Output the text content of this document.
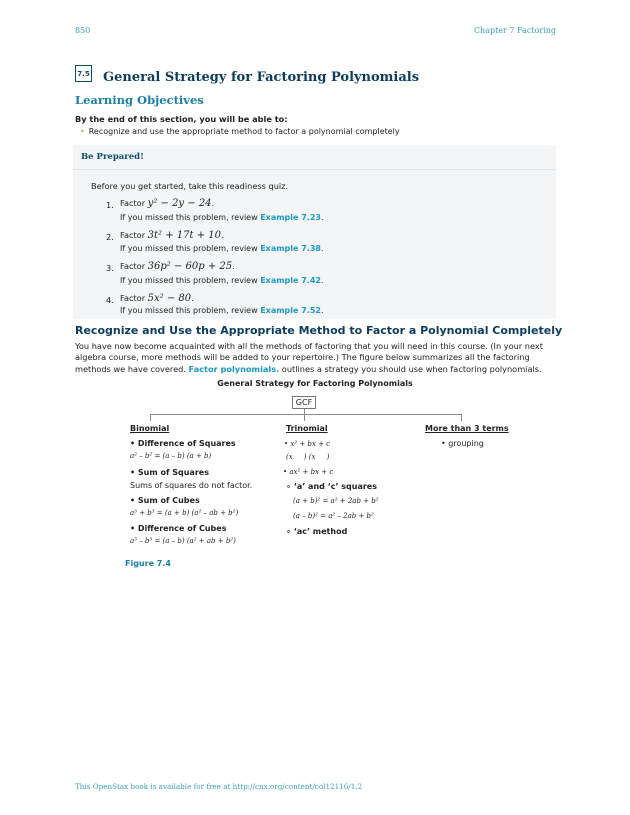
850	Chapter 7 Factoring
7.5 General Strategy for Factoring Polynomials
Learning Objectives
By the end of this section, you will be able to:
• Recognize and use the appropriate method to factor a polynomial completely
Be Prepared!
Before you get started, take this readiness quiz.
1. Factor y² − 2y − 24.
If you missed this problem, review Example 7.23.
2. Factor 3t² + 17t + 10.
If you missed this problem, review Example 7.38.
3. Factor 36p² − 60p + 25.
If you missed this problem, review Example 7.42.
4. Factor 5x² − 80.
If you missed this problem, review Example 7.52.
Recognize and Use the Appropriate Method to Factor a Polynomial Completely
You have now become acquainted with all the methods of factoring that you will need in this course. (In your next algebra course, more methods will be added to your repertoire.) The figure below summarizes all the factoring methods we have covered. Factor polynomials. outlines a strategy you should use when factoring polynomials.
General Strategy for Factoring Polynomials
GCF
Binomial
• Difference of Squares
a² – b² = (a – b) (a + b)
• Sum of Squares
Sums of squares do not factor.
• Sum of Cubes
a³ + b³ = (a + b) (a² – ab + b²)
• Difference of Cubes
a³ – b³ = (a – b) (a² + ab + b²)
Trinomial
• x² + bx + c
(x     ) (x     )
• ax² + bx + c
∘ ‘a’ and ‘c’ squares
(a + b)² = a² + 2ab + b²
(a – b)² = a² – 2ab + b²
∘ ‘ac’ method
More than 3 terms
• grouping
Figure 7.4
This OpenStax book is available for free at http://cnx.org/content/col12116/1.2
